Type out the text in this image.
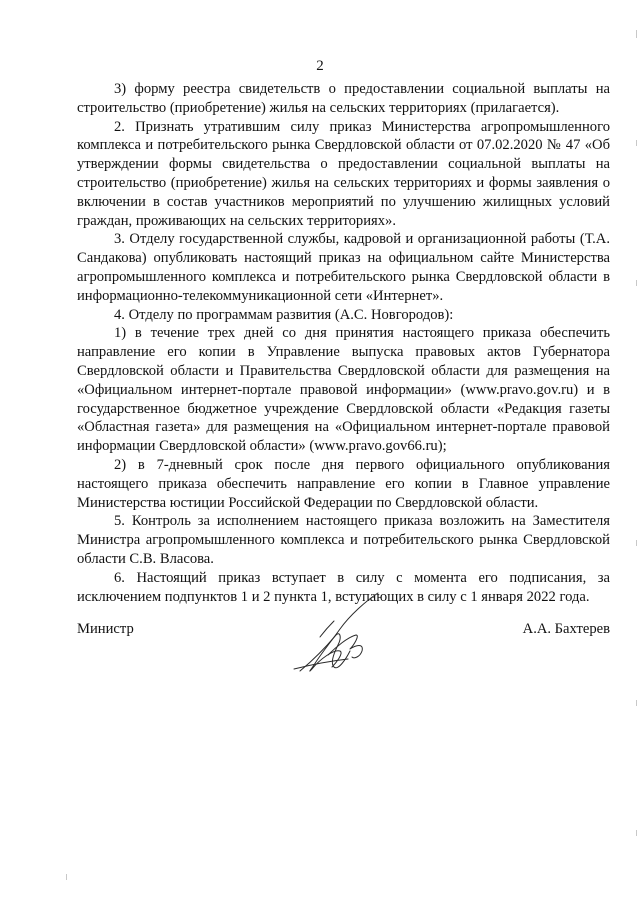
2

3) форму реестра свидетельств о предоставлении социальной выплаты на строительство (приобретение) жилья на сельских территориях (прилагается).

2. Признать утратившим силу приказ Министерства агропромышленного комплекса и потребительского рынка Свердловской области от 07.02.2020 № 47 «Об утверждении формы свидетельства о предоставлении социальной выплаты на строительство (приобретение) жилья на сельских территориях и формы заявления о включении в состав участников мероприятий по улучшению жилищных условий граждан, проживающих на сельских территориях».

3. Отделу государственной службы, кадровой и организационной работы (Т.А. Сандакова) опубликовать настоящий приказ на официальном сайте Министерства агропромышленного комплекса и потребительского рынка Свердловской области в информационно-телекоммуникационной сети «Интернет».

4. Отделу по программам развития (А.С. Новгородов):

1) в течение трех дней со дня принятия настоящего приказа обеспечить направление его копии в Управление выпуска правовых актов Губернатора Свердловской области и Правительства Свердловской области для размещения на «Официальном интернет-портале правовой информации» (www.pravo.gov.ru) и в государственное бюджетное учреждение Свердловской области «Редакция газеты «Областная газета» для размещения на «Официальном интернет-портале правовой информации Свердловской области» (www.pravo.gov66.ru);

2) в 7-дневный срок после дня первого официального опубликования настоящего приказа обеспечить направление его копии в Главное управление Министерства юстиции Российской Федерации по Свердловской области.

5. Контроль за исполнением настоящего приказа возложить на Заместителя Министра агропромышленного комплекса и потребительского рынка Свердловской области С.В. Власова.

6. Настоящий приказ вступает в силу с момента его подписания, за исключением подпунктов 1 и 2 пункта 1, вступающих в силу с 1 января 2022 года.

Министр	А.А. Бахтерев
